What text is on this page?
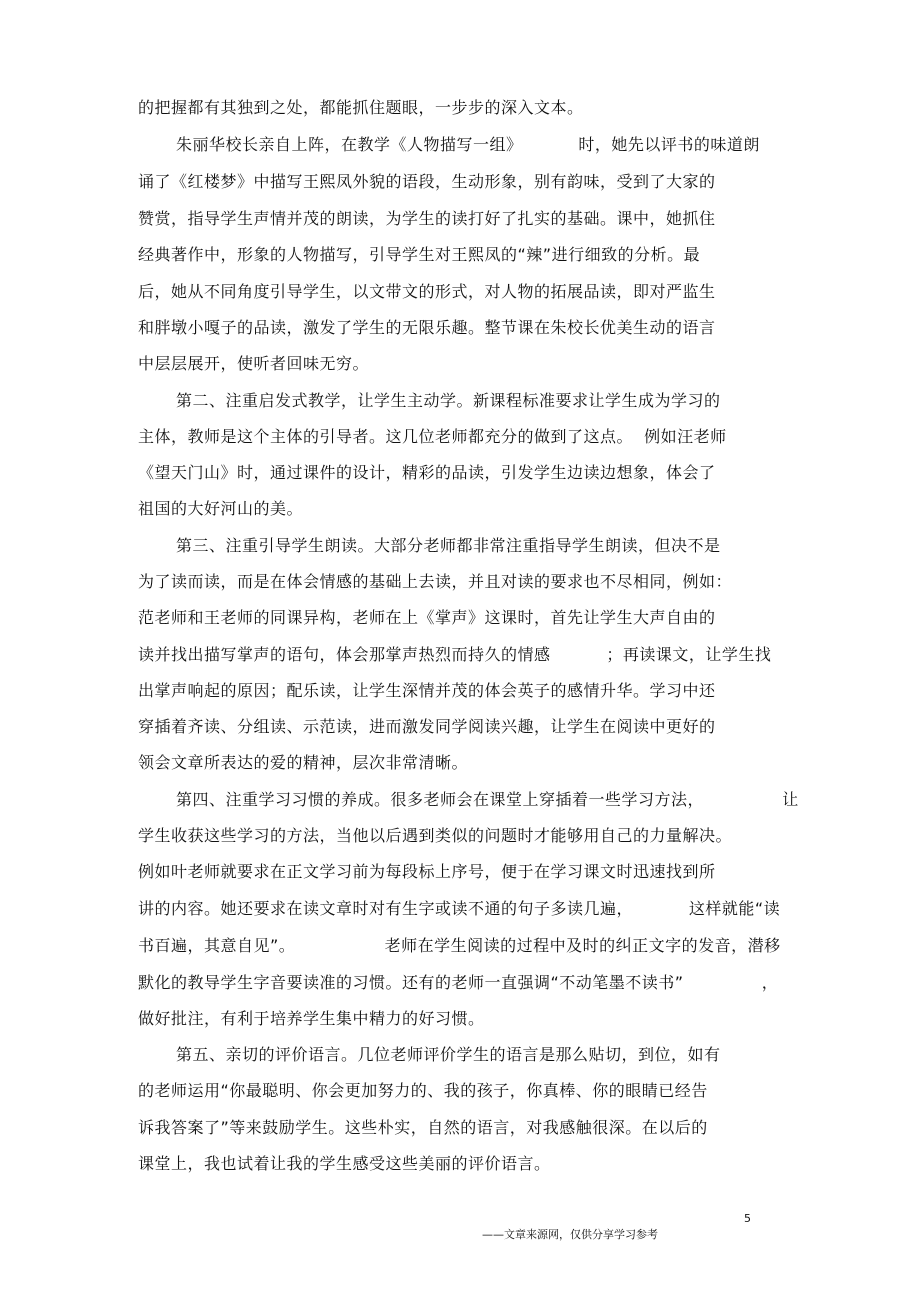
的把握都有其独到之处，都能抓住题眼，一步步的深入文本。
朱丽华校长亲自上阵，在教学《人物描写一组》          时，她先以评书的味道朗
诵了《红楼梦》中描写王熙凤外貌的语段，生动形象，别有韵味，受到了大家的
赞赏，指导学生声情并茂的朗读，为学生的读打好了扎实的基础。课中，她抓住
经典著作中，形象的人物描写，引导学生对王熙凤的“辣”进行细致的分析。最
后，她从不同角度引导学生，以文带文的形式，对人物的拓展品读，即对严监生
和胖墩小嘎子的品读，激发了学生的无限乐趣。整节课在朱校长优美生动的语言
中层层展开，使听者回味无穷。
第二、注重启发式教学，让学生主动学。新课程标准要求让学生成为学习的
主体，教师是这个主体的引导者。这几位老师都充分的做到了这点。  例如汪老师
《望天门山》时，通过课件的设计，精彩的品读，引发学生边读边想象，体会了
祖国的大好河山的美。
第三、注重引导学生朗读。大部分老师都非常注重指导学生朗读，但决不是
为了读而读，而是在体会情感的基础上去读，并且对读的要求也不尽相同，例如：
范老师和王老师的同课异构，老师在上《掌声》这课时，首先让学生大声自由的
读并找出描写掌声的语句，体会那掌声热烈而持久的情感          ；再读课文，让学生找
出掌声响起的原因；配乐读，让学生深情并茂的体会英子的感情升华。学习中还
穿插着齐读、分组读、示范读，进而激发同学阅读兴趣，让学生在阅读中更好的
领会文章所表达的爱的精神，层次非常清晰。
第四、注重学习习惯的养成。很多老师会在课堂上穿插着一些学习方法，              让
学生收获这些学习的方法，当他以后遇到类似的问题时才能够用自己的力量解决。
例如叶老师就要求在正文学习前为每段标上序号，便于在学习课文时迅速找到所
讲的内容。她还要求在读文章时对有生字或读不通的句子多读几遍，          这样就能“读
书百遍，其意自见”。                老师在学生阅读的过程中及时的纠正文字的发音，潜移
默化的教导学生字音要读准的习惯。还有的老师一直强调“不动笔墨不读书”              ，
做好批注，有利于培养学生集中精力的好习惯。
第五、亲切的评价语言。几位老师评价学生的语言是那么贴切，到位，如有
的老师运用“你最聪明、你会更加努力的、我的孩子，你真棒、你的眼睛已经告
诉我答案了”等来鼓励学生。这些朴实，自然的语言，对我感触很深。在以后的
课堂上，我也试着让我的学生感受这些美丽的评价语言。
5
——文章来源网，仅供分享学习参考
